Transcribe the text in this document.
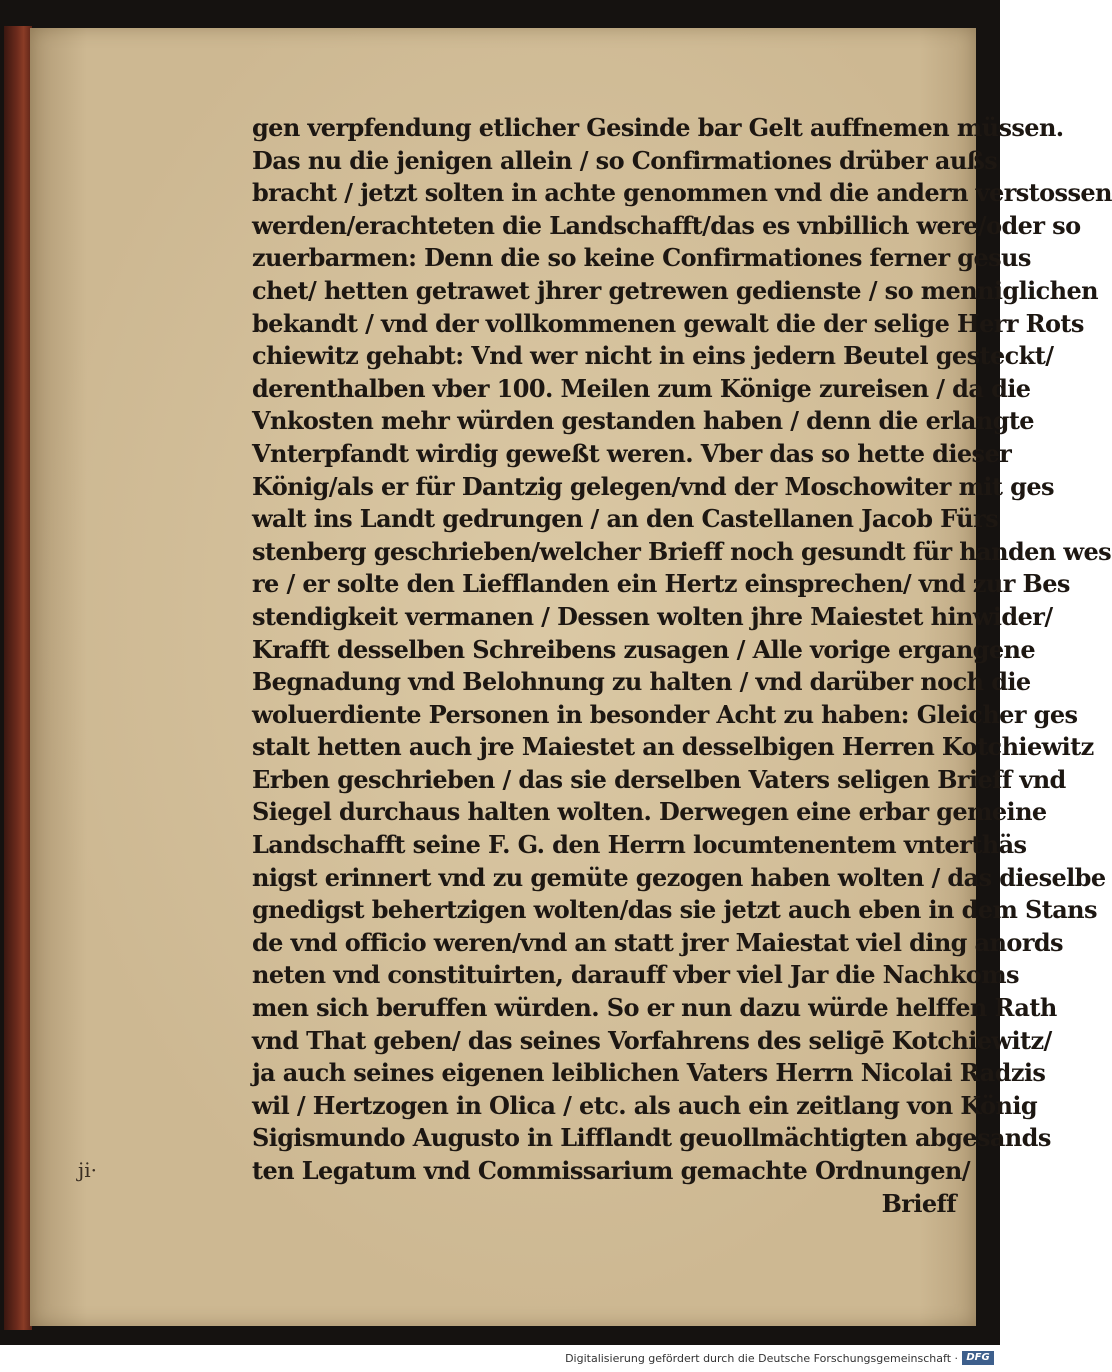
ji·
gen verpfendung etlicher Gesinde bar Gelt auffnemen müssen.
Das nu die jenigen allein / so Confirmationes drüber außs
bracht / jetzt solten in achte genommen vnd die andern verstossen
werden/erachteten die Landschafft/das es vnbillich were/oder so
zuerbarmen: Denn die so keine Confirmationes ferner gesus
chet/ hetten getrawet jhrer getrewen gedienste / so menniglichen
bekandt / vnd der vollkommenen gewalt die der selige Herr Rots
chiewitz gehabt: Vnd wer nicht in eins jedern Beutel gesteckt/
derenthalben vber 100. Meilen zum Könige zureisen / da die
Vnkosten mehr würden gestanden haben / denn die erlangte
Vnterpfandt wirdig geweßt weren. Vber das so hette dieser
König/als er für Dantzig gelegen/vnd der Moschowiter mit ges
walt ins Landt gedrungen / an den Castellanen Jacob Fürs
stenberg geschrieben/welcher Brieff noch gesundt für handen wes
re / er solte den Liefflanden ein Hertz einsprechen/ vnd zur Bes
stendigkeit vermanen / Dessen wolten jhre Maiestet hinwider/
Krafft desselben Schreibens zusagen / Alle vorige ergangene
Begnadung vnd Belohnung zu halten / vnd darüber noch die
woluerdiente Personen in besonder Acht zu haben: Gleicher ges
stalt hetten auch jre Maiestet an desselbigen Herren Kotchiewitz
Erben geschrieben / das sie derselben Vaters seligen Brieff vnd
Siegel durchaus halten wolten. Derwegen eine erbar gemeine
Landschafft seine F. G. den Herrn locumtenentem vnterthäs
nigst erinnert vnd zu gemüte gezogen haben wolten / das dieselbe
gnedigst behertzigen wolten/das sie jetzt auch eben in dem Stans
de vnd officio weren/vnd an statt jrer Maiestat viel ding anords
neten vnd constituirten, darauff vber viel Jar die Nachkoms
men sich beruffen würden. So er nun dazu würde helffen Rath
vnd That geben/ das seines Vorfahrens des seligē Kotchiewitz/
ja auch seines eigenen leiblichen Vaters Herrn Nicolai Radzis
wil / Hertzogen in Olica / etc. als auch ein zeitlang von König
Sigismundo Augusto in Lifflandt geuollmächtigten abgesands
ten Legatum vnd Commissarium gemachte Ordnungen/
Brieff
Digitalisierung gefördert durch die Deutsche Forschungsgemeinschaft · DFG
